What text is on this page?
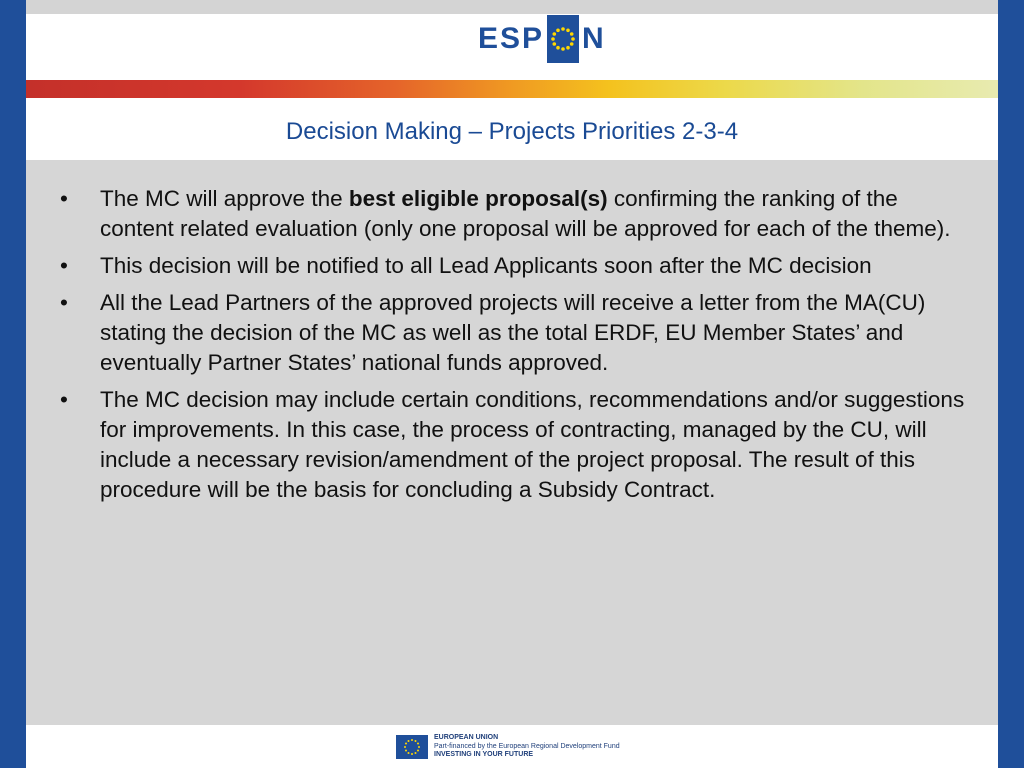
ESP N
Decision Making – Projects Priorities 2-3-4
• The MC will approve the best eligible proposal(s) confirming the ranking of the content related evaluation (only one proposal will be approved for each of the theme).
• This decision will be notified to all Lead Applicants soon after the MC decision
• All the Lead Partners of the approved projects will receive a letter from the MA(CU) stating the decision of the MC as well as the total ERDF, EU Member States’ and eventually Partner States’ national funds approved.
• The MC decision may include certain conditions, recommendations and/or suggestions for improvements. In this case, the process of contracting, managed by the CU, will include a necessary revision/amendment of the project proposal. The result of this procedure will be the basis for concluding a Subsidy Contract.
EUROPEAN UNION
Part-financed by the European Regional Development Fund
INVESTING IN YOUR FUTURE
